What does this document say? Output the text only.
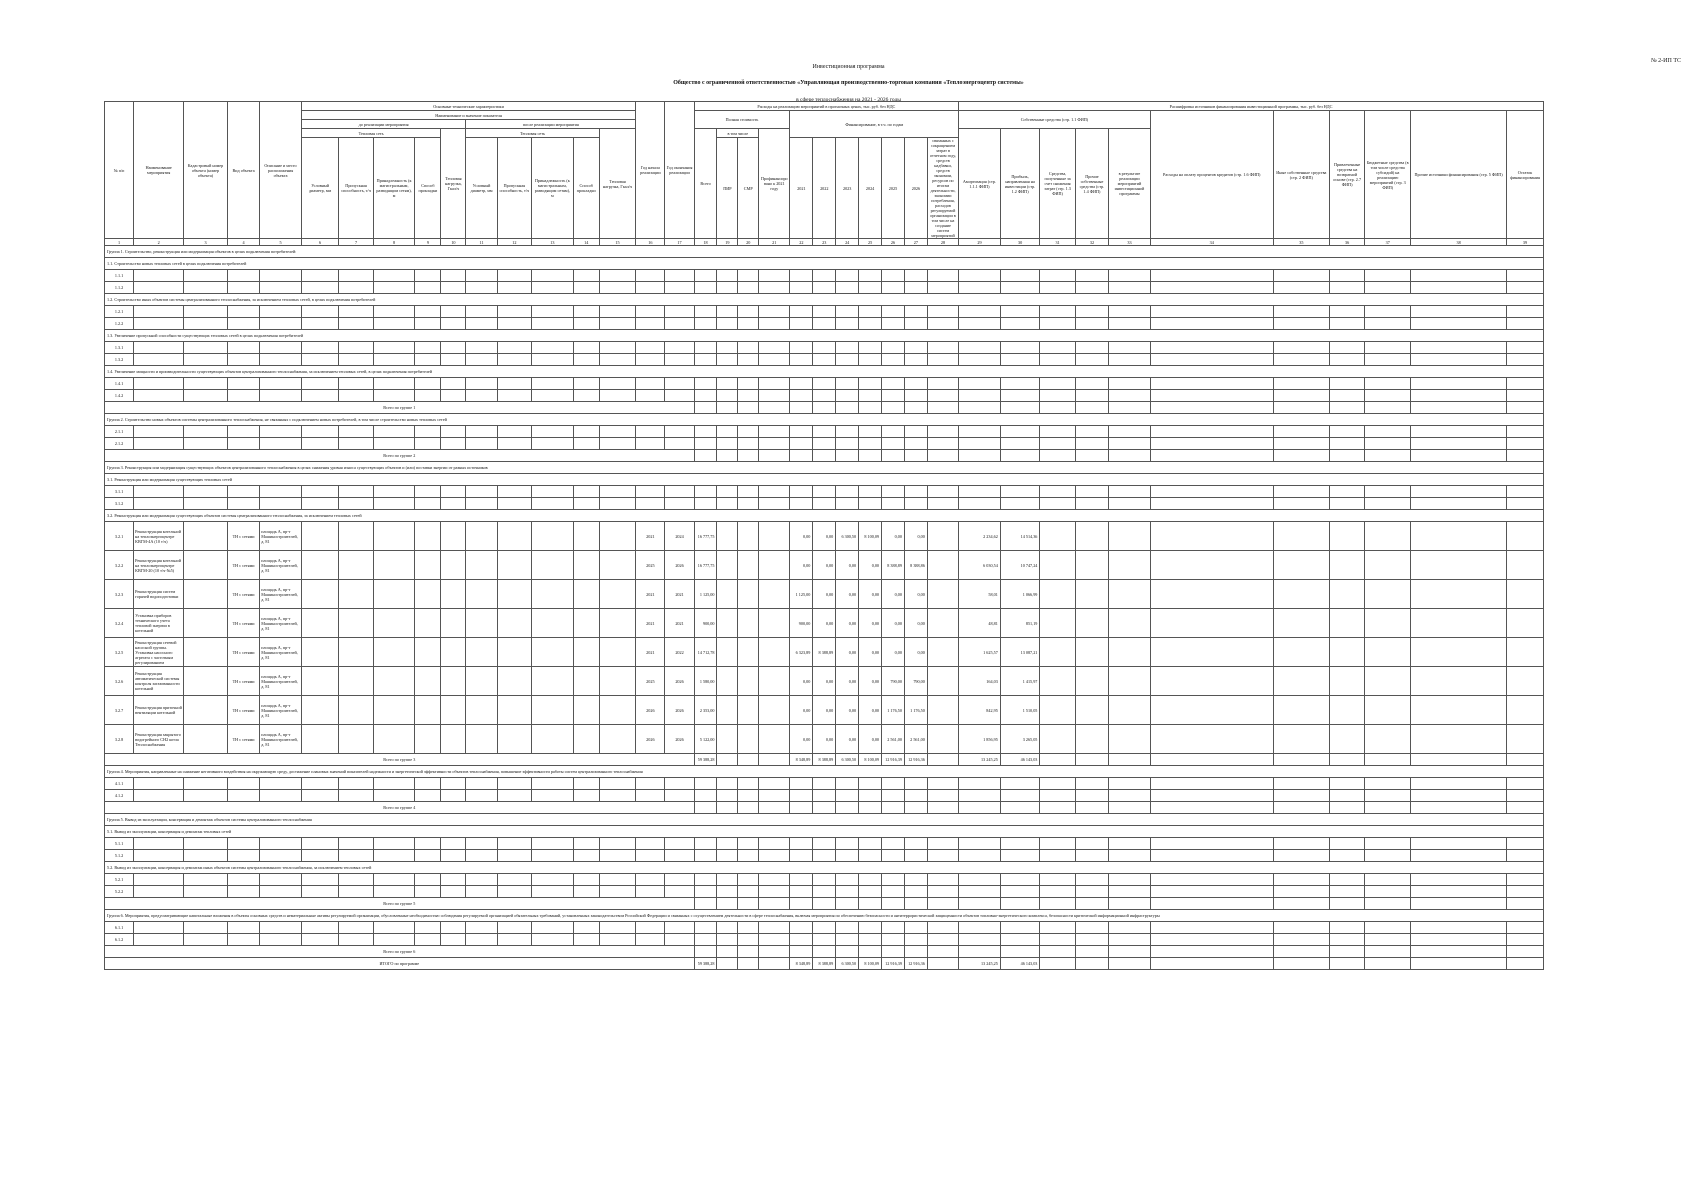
№ 2-ИП ТС
Инвестиционная программа
Общество с ограниченной ответственностью «Управляющая производственно-торговая компания «Теплоэнергоцентр системы»
в сфере теплоснабжения на 2021 - 2026 годы
№ п/п	Наименование мероприятия	Кадастровый номер объекта (номер объекта)	Вид объекта	Описание и место расположения объекта	Основные технические характеристики										Год начала реализации	Год окончания реализации	Расходы на реализацию мероприятий в прогнозных ценах, тыс. руб. без НДС											Расшифровка источников финансирования инвестиционной программы, тыс. руб. без НДС										
					Наименование и значение показателя												Полная стоимость				Финансирование, в т.ч. по годам							Собственные средства (стр. 1.1 ФИП)					Расходы на оплату процентов кредитов (стр. 1.6 ФИП)	Иные собственные средства (стр. 2 ФИП)	Привлеченные средства на возвратной основе (стр. 2.7 ФИП)	Бюджетные средства (в том числе средства субсидий) на реализацию мероприятий (стр. 3 ФИП)	Прочие источники финансирования (стр. 5 ФИП)	Остаток финансирования
					до реализации мероприятия					после реализации мероприятия																												
					Тепловая сеть				Тепловая нагрузка, Гкал/ч	Тепловая сеть				Тепловая нагрузка, Гкал/ч			Всего	в том числе		Профинансировано к 2021 году								Амортизация (стр. 1.1.1 ФИП)	Прибыль, направленная на инвестиции (стр. 1.2 ФИП)	Средства, полученные за счет снижения затрат (стр. 1.3 ФИП)	Прочие собственные средства (стр. 1.4 ФИП)	в результате реализации мероприятий инвестиционной программы						
					Условный диаметр, мм	Пропускная способность, т/ч	Принадлежность (к магистральным, разводящим сетям), м	Способ прокладки		Условный диаметр, мм	Пропускная способность, т/ч	Принадлежность (к магистральным, разводящим сетям), м	Способ прокладки					ПИР	СМР		2021	2022	2023	2024	2025	2026	связанных с сокращением затрат в отчетном году, средств надбавки, средств экономии, ресурсов по итогам деятельности, экономии потребления, расходов регулируемой организации в том числе на создание систем мероприятий											
1	2	3	4	5	6	7	8	9	10	11	12	13	14	15	16	17	18	19	20	21	22	23	24	25	26	27	28	29	30	31	32	33	34	35	36	37	38	39
Группа 1. Строительство, реконструкция или модернизация объектов в целях подключения потребителей:																																						
1.1. Строительство новых тепловых сетей в целях подключения потребителей																																						
1.1.1																																						
1.1.2																																						
1.2. Строительство иных объектов системы централизованного теплоснабжения, за исключением тепловых сетей, в целях подключения потребителей																																						
1.2.1																																						
1.2.2																																						
1.3. Увеличение пропускной способности существующих тепловых сетей в целях подключения потребителей																																						
1.3.1																																						
1.3.2																																						
1.4. Увеличение мощности и производительности существующих объектов централизованного теплоснабжения, за исключением тепловых сетей, в целях подключения потребителей																																						
1.4.1																																						
1.4.2																																						
Всего по группе 1																																						
Группа 2. Строительство новых объектов системы централизованного теплоснабжения, не связанных с подключением новых потребителей, в том числе строительство новых тепловых сетей																																						
2.1.1																																						
2.1.2																																						
Всего по группе 2																																						
Группа 3. Реконструкция или модернизация существующих объектов централизованного теплоснабжения в целях снижения уровня износа существующих объектов и (или) поставки энергии от разных источников																																						
3.1. Реконструкция или модернизация существующих тепловых сетей																																						
3.1.1																																						
3.1.2																																						
3.2. Реконструкция или модернизация существующих объектов системы централизованного теплоснабжения, за исключением тепловых сетей																																						
3.2.1	Реконструкция котельной на теплоэнергоцентре КВГМ-4А (10 т/ч)		ТН с сетями	площадь А, пр-т Машиностроителей, д. 81											2021	2024	16 777,75				0,00	0,00	6 300,50	8 100,09	0,00	0,00		2 234,62	14 514,36									
3.2.2	Реконструкция котельной на теплоэнергоцентре КВГМ-20 (10 т/ч-№5)		ТН с сетями	площадь А, пр-т Машиностроителей, д. 81											2025	2026	16 777,75				0,00	0,00	0,00	0,00	8 388,89	8 388,86		6 030,54	10 747,24									
3.2.3	Реконструкция систем горячей водоподготовки		ТН с сетями	площадь А, пр-т Машиностроителей, д. 81											2021	2021	1 125,00				1 125,00	0,00	0,00	0,00	0,00	0,00		58,01	1 066,99									
3.2.4	Установка приборов технического учета тепловой энергии в котельной		ТН с сетями	площадь А, пр-т Машиностроителей, д. 81											2021	2021	900,00				900,00	0,00	0,00	0,00	0,00	0,00		48,81	851,19									
3.2.5	Реконструкция сетевой насосной группы. Установка насосного агрегата с частотным регулированием		ТН с сетями	площадь А, пр-т Машиностроителей, д. 81											2021	2022	14 712,78				6 323,89	8 388,89	0,00	0,00	0,00	0,00		1 625,57	13 087,21									
3.2.6	Реконструкция автоматической системы контроля загазованности котельной		ТН с сетями	площадь А, пр-т Машиностроителей, д. 81											2025	2026	1 580,00				0,00	0,00	0,00	0,00	790,00	790,00		164,03	1 415,97									
3.2.7	Реконструкция приточной вентиляции котельной		ТН с сетями	площадь А, пр-т Машиностроителей, д. 81											2026	2026	2 353,00				0,00	0,00	0,00	0,00	1 176,50	1 176,50		842,95	1 510,05									
3.2.8	Реконструкция закрытого водогрейного СН2 котла Теплоснабжения		ТН с сетями	площадь А, пр-т Машиностроителей, д. 81											2026	2026	5 122,00				0,00	0,00	0,00	0,00	2 561,00	2 561,00		1 856,95	3 265,05									
Всего по группе 3																	59 388,28				8 348,89	8 388,89	6 300,50	8 100,09	12 916,39	12 916,36		13 245,25	46 143,03									
Группа 4. Мероприятия, направленные на снижение негативного воздействия на окружающую среду, достижение плановых значений показателей надежности и энергетической эффективности объектов теплоснабжения, повышение эффективности работы систем централизованного теплоснабжения																																						
4.1.1																																						
4.1.2																																						
Всего по группе 4																																						
Группа 5. Вывод из эксплуатации, консервация и демонтаж объектов системы централизованного теплоснабжения																																						
5.1. Вывод из эксплуатации, консервация и демонтаж тепловых сетей																																						
5.1.1																																						
5.1.2																																						
5.2. Вывод из эксплуатации, консервация и демонтаж иных объектов системы централизованного теплоснабжения, за исключением тепловых сетей																																						
5.2.1																																						
5.2.2																																						
Всего по группе 5																																						
Группа 6. Мероприятия, предусматривающие капитальные вложения в объекты основных средств и нематериальные активы регулируемой организации, обусловленные необходимостью соблюдения регулируемой организацией обязательных требований, установленных законодательством Российской Федерации и связанных с осуществлением деятельности в сфере теплоснабжения, включая мероприятия по обеспечению безопасности и антитеррористической защищенности объектов топливно-энергетического комплекса, безопасности критической информационной инфраструктуры																																						
6.1.1																																						
6.1.2																																						
Всего по группе 6																																						
ИТОГО по программе																	59 388,28				8 348,89	8 388,89	6 300,50	8 100,09	12 916,39	12 916,36		13 245,25	46 143,03									
